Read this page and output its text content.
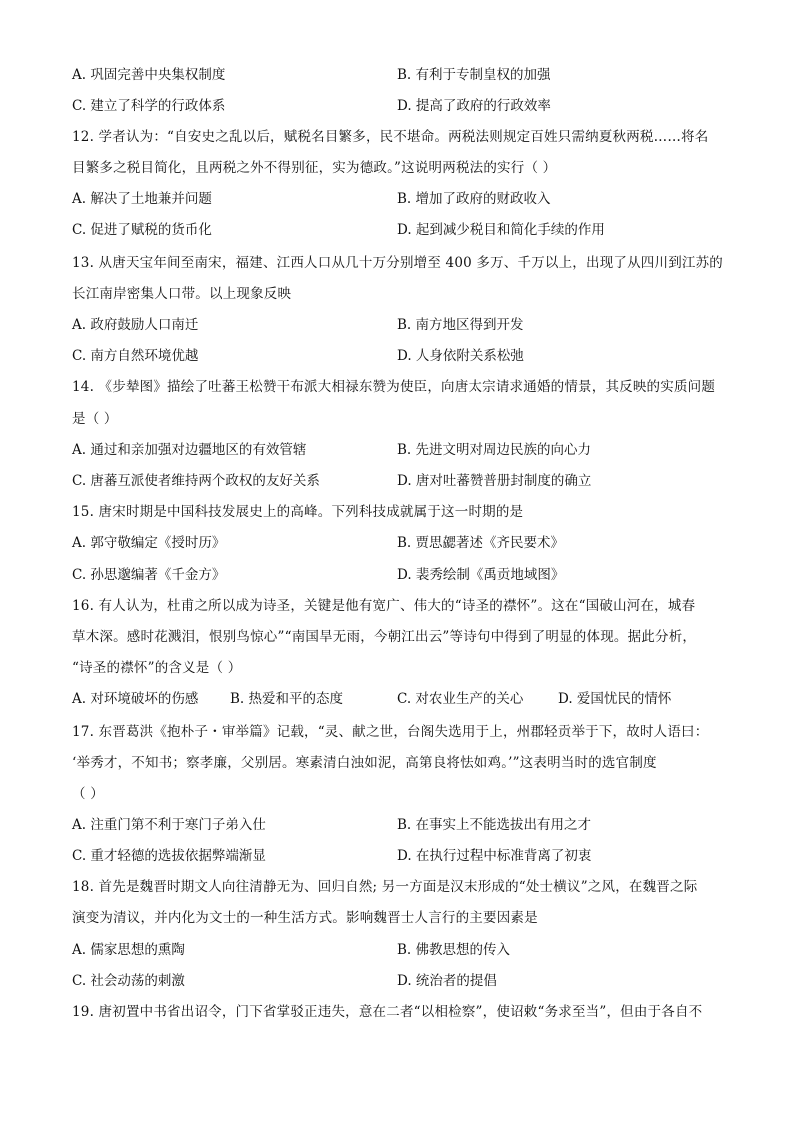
A. 巩固完善中央集权制度	B. 有利于专制皇权的加强
C. 建立了科学的行政体系	D. 提高了政府的行政效率
12. 学者认为：“自安史之乱以后，赋税名目繁多，民不堪命。两税法则规定百姓只需纳夏秋两税……将名
目繁多之税目简化，且两税之外不得别征，实为德政。”这说明两税法的实行（ ）
A. 解决了土地兼并问题	B. 增加了政府的财政收入
C. 促进了赋税的货币化	D. 起到减少税目和简化手续的作用
13. 从唐天宝年间至南宋，福建、江西人口从几十万分别增至 400 多万、千万以上，出现了从四川到江苏的
长江南岸密集人口带。以上现象反映
A. 政府鼓励人口南迁	B. 南方地区得到开发
C. 南方自然环境优越	D. 人身依附关系松弛
14. 《步辇图》描绘了吐蕃王松赞干布派大相禄东赞为使臣，向唐太宗请求通婚的情景，其反映的实质问题
是（ ）
A. 通过和亲加强对边疆地区的有效管辖	B. 先进文明对周边民族的向心力
C. 唐蕃互派使者维持两个政权的友好关系	D. 唐对吐蕃赞普册封制度的确立
15. 唐宋时期是中国科技发展史上的高峰。下列科技成就属于这一时期的是
A. 郭守敬编定《授时历》	B. 贾思勰著述《齐民要术》
C. 孙思邈编著《千金方》	D. 裴秀绘制《禹贡地域图》
16. 有人认为，杜甫之所以成为诗圣，关键是他有宽广、伟大的“诗圣的襟怀”。这在“国破山河在，城春
草木深。感时花溅泪，恨别鸟惊心”“南国旱无雨，今朝江出云”等诗句中得到了明显的体现。据此分析，
“诗圣的襟怀”的含义是（ ）
A. 对环境破坏的伤感 B. 热爱和平的态度	C. 对农业生产的关心	D. 爱国忧民的情怀
17. 东晋葛洪《抱朴子・审举篇》记载，“灵、献之世，台阁失选用于上，州郡轻贡举于下，故时人语曰：
‘举秀才，不知书；察孝廉，父别居。寒素清白浊如泥，高第良将怯如鸡。’”这表明当时的选官制度
（ ）
A. 注重门第不利于寒门子弟入仕	B. 在事实上不能选拔出有用之才
C. 重才轻德的选拔依据弊端渐显	D. 在执行过程中标准背离了初衷
18. 首先是魏晋时期文人向往清静无为、回归自然; 另一方面是汉末形成的“处士横议”之风，在魏晋之际
演变为清议，并内化为文士的一种生活方式。影响魏晋士人言行的主要因素是
A. 儒家思想的熏陶	B. 佛教思想的传入
C. 社会动荡的刺激	D. 统治者的提倡
19. 唐初置中书省出诏令，门下省掌驳正违失，意在二者“以相检察”，使诏敕“务求至当”，但由于各自不
